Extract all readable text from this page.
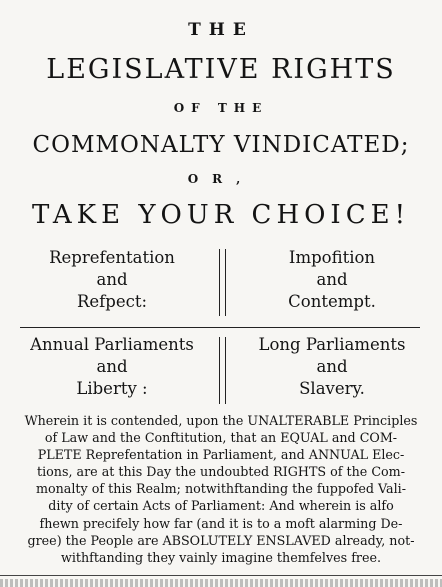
THE
LEGISLATIVE RIGHTS
OF THE
COMMONALTY VINDICATED;
OR,
TAKE YOUR CHOICE!
Reprefentation
and
Refpect:
Impofition
and
Contempt.
Annual Parliaments
and
Liberty :
Long Parliaments
and
Slavery.
Wherein it is contended, upon the UNALTERABLE Principles
of Law and the Conftitution, that an EQUAL and COM-
PLETE Reprefentation in Parliament, and ANNUAL Elec-
tions, are at this Day the undoubted RIGHTS of the Com-
monalty of this Realm; notwithftanding the fuppofed Vali-
dity of certain Acts of Parliament: And wherein is alfo
fhewn precifely how far (and it is to a moft alarming De-
gree) the People are ABSOLUTELY ENSLAVED already, not-
withftanding they vainly imagine themfelves free.
